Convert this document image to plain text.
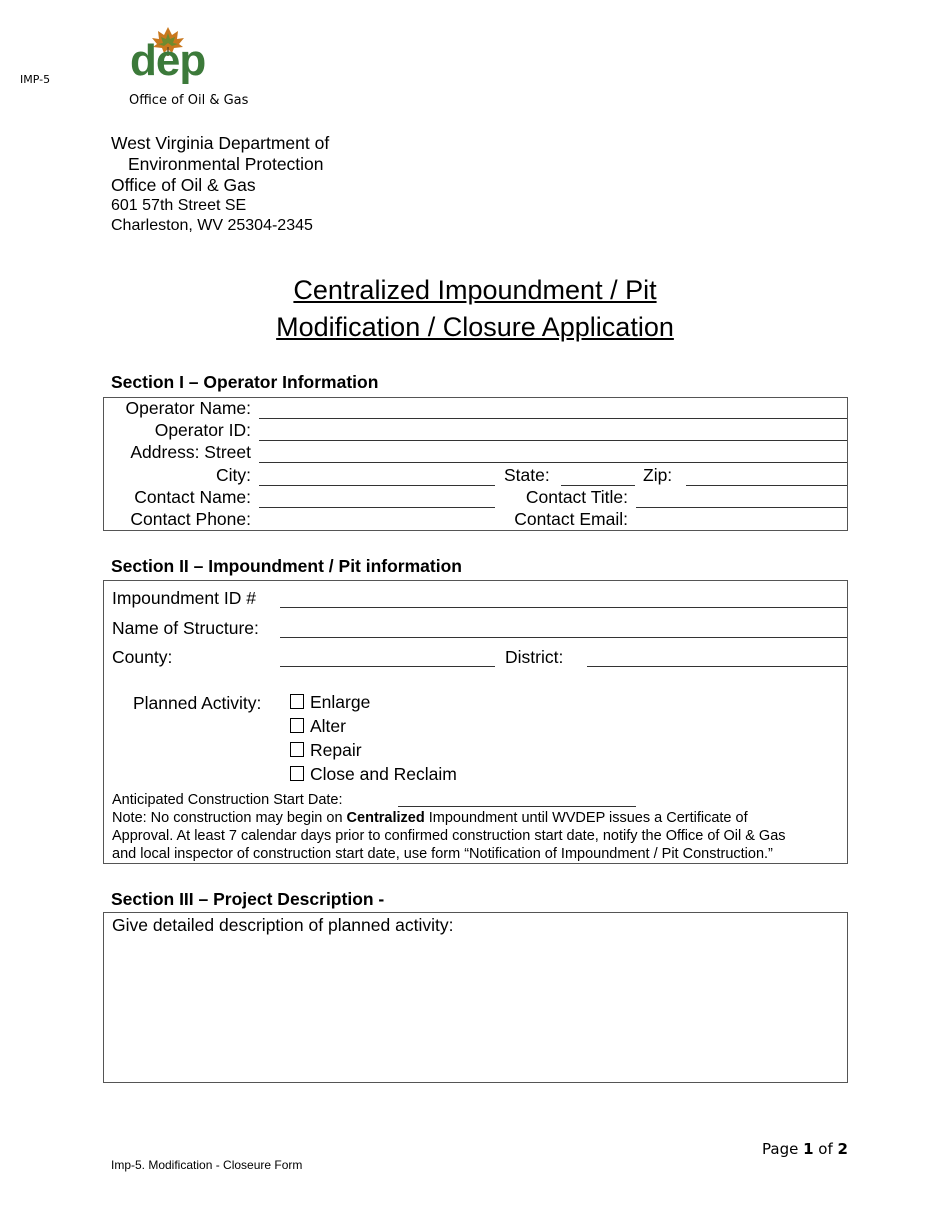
IMP-5 dep
Office of Oil & Gas
West Virginia Department of
Environmental Protection
Office of Oil & Gas
601 57th Street SE
Charleston, WV 25304-2345
Centralized Impoundment / Pit
Modification / Closure Application
Section I – Operator Information
Operator Name:
Operator ID:
Address: Street
City:	State:	Zip:
Contact Name:	Contact Title:
Contact Phone:	Contact Email:
Section II – Impoundment / Pit information
Impoundment ID #
Name of Structure:
County:	District:
Planned Activity:	Enlarge
Alter
Repair
Close and Reclaim
Anticipated Construction Start Date:
Note: No construction may begin on Centralized Impoundment until WVDEP issues a Certificate of
Approval. At least 7 calendar days prior to confirmed construction start date, notify the Office of Oil & Gas
and local inspector of construction start date, use form “Notification of Impoundment / Pit Construction.”
Section III – Project Description -
Give detailed description of planned activity:
Imp-5. Modification - Closeure Form
Page 1 of 2
